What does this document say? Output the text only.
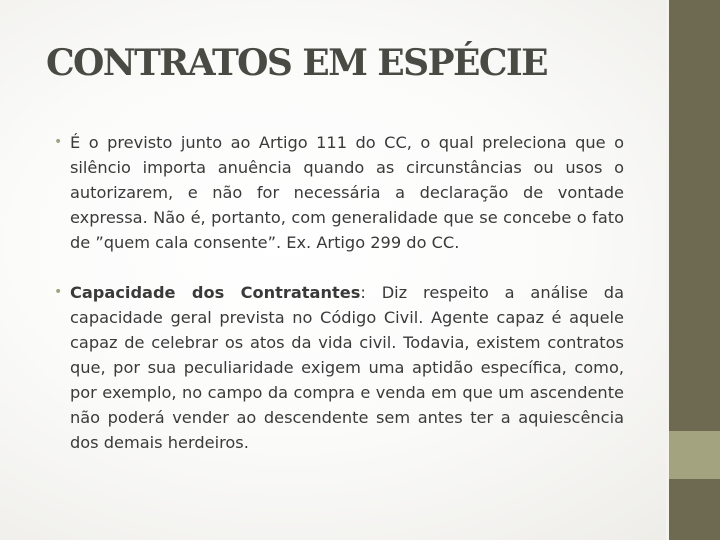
CONTRATOS EM ESPÉCIE

• É o previsto junto ao Artigo 111 do CC, o qual preleciona que o silêncio importa anuência quando as circunstâncias ou usos o autorizarem, e não for necessária a declaração de vontade expressa. Não é, portanto, com generalidade que se concebe o fato de ”quem cala consente”. Ex. Artigo 299 do CC.

• Capacidade dos Contratantes: Diz respeito a análise da capacidade geral prevista no Código Civil. Agente capaz é aquele capaz de celebrar os atos da vida civil. Todavia, existem contratos que, por sua peculiaridade exigem uma aptidão específica, como, por exemplo, no campo da compra e venda em que um ascendente não poderá vender ao descendente sem antes ter a aquiescência dos demais herdeiros.
